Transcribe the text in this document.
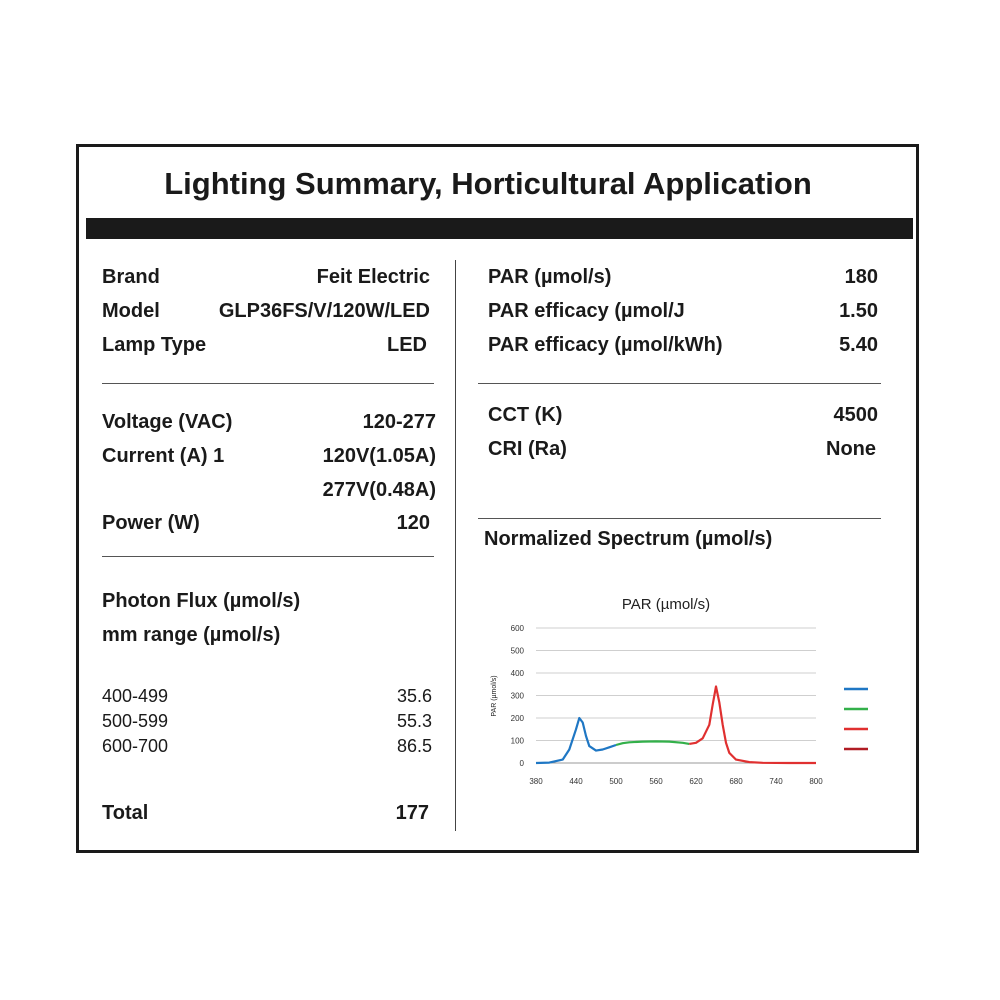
Lighting Summary, Horticultural Application
Brand	Feit Electric
Model	GLP36FS/V/120W/LED
Lamp Type	LED
Voltage (VAC)	120-277
Current (A) 1	120V(1.05A)
277V(0.48A)
Power (W)	120
Photon Flux (µmol/s)
mm range (µmol/s)
400-499	35.6
500-599	55.3
600-700	86.5
Total	177
PAR (µmol/s)	180
PAR efficacy (µmol/J	1.50
PAR efficacy (µmol/kWh)	5.40
CCT (K)	4500
CRI (Ra)	None
Normalized Spectrum (µmol/s)
PAR (µmol/s)
0
100
200
300
400
500
600
380	440	500	560	620	680	740	800
PAR (µmol/s)
